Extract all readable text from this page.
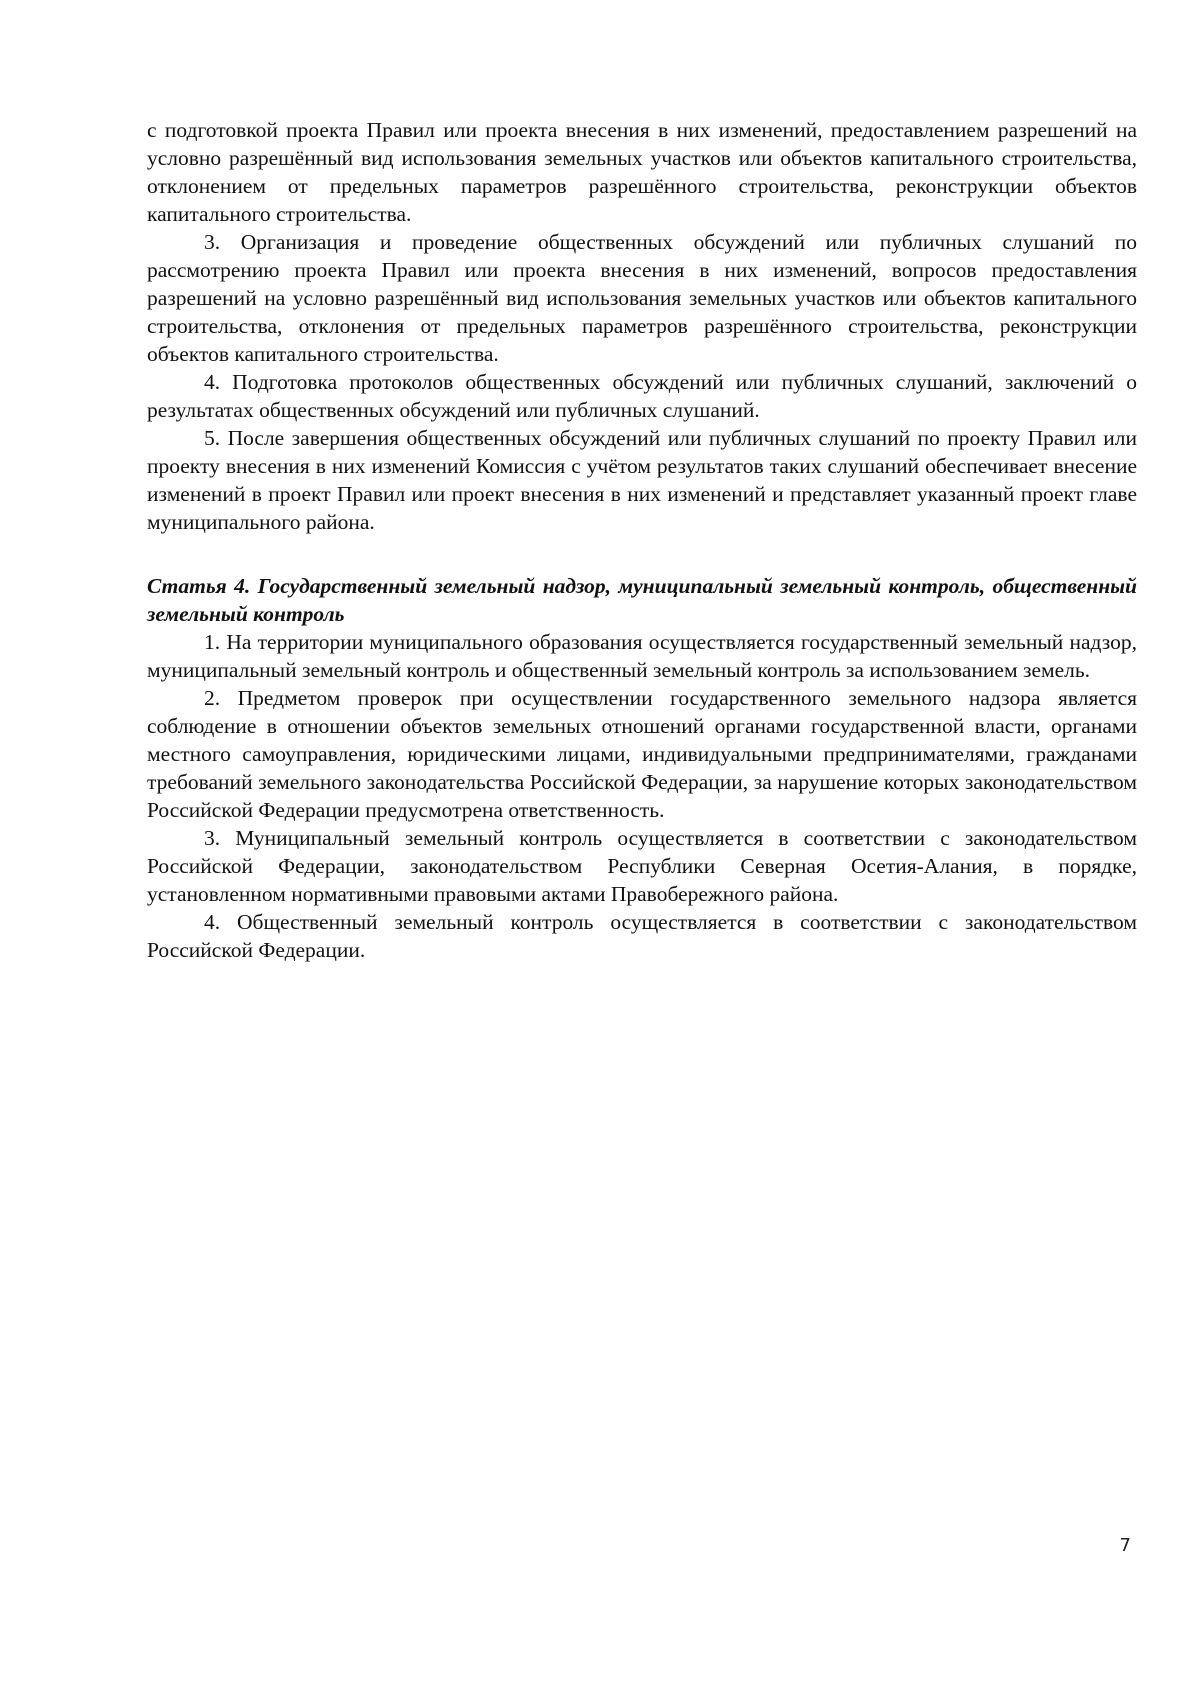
с подготовкой проекта Правил или проекта внесения в них изменений, предоставлением разрешений на условно разрешённый вид использования земельных участков или объектов капитального строительства, отклонением от предельных параметров разрешённого строительства, реконструкции объектов капитального строительства.

3. Организация и проведение общественных обсуждений или публичных слушаний по рассмотрению проекта Правил или проекта внесения в них изменений, вопросов предоставления разрешений на условно разрешённый вид использования земельных участков или объектов капитального строительства, отклонения от предельных параметров разрешённого строительства, реконструкции объектов капитального строительства.

4. Подготовка протоколов общественных обсуждений или публичных слушаний, заключений о результатах общественных обсуждений или публичных слушаний.

5. После завершения общественных обсуждений или публичных слушаний по проекту Правил или проекту внесения в них изменений Комиссия с учётом результатов таких слушаний обеспечивает внесение изменений в проект Правил или проект внесения в них изменений и представляет указанный проект главе муниципального района.

Статья 4. Государственный земельный надзор, муниципальный земельный контроль, общественный земельный контроль

1. На территории муниципального образования осуществляется государственный земельный надзор, муниципальный земельный контроль и общественный земельный контроль за использованием земель.

2. Предметом проверок при осуществлении государственного земельного надзора является соблюдение в отношении объектов земельных отношений органами государственной власти, органами местного самоуправления, юридическими лицами, индивидуальными предпринимателями, гражданами требований земельного законодательства Российской Федерации, за нарушение которых законодательством Российской Федерации предусмотрена ответственность.

3. Муниципальный земельный контроль осуществляется в соответствии с законодательством Российской Федерации, законодательством Республики Северная Осетия-Алания, в порядке, установленном нормативными правовыми актами Правобережного района.

4. Общественный земельный контроль осуществляется в соответствии с законодательством Российской Федерации.

7
